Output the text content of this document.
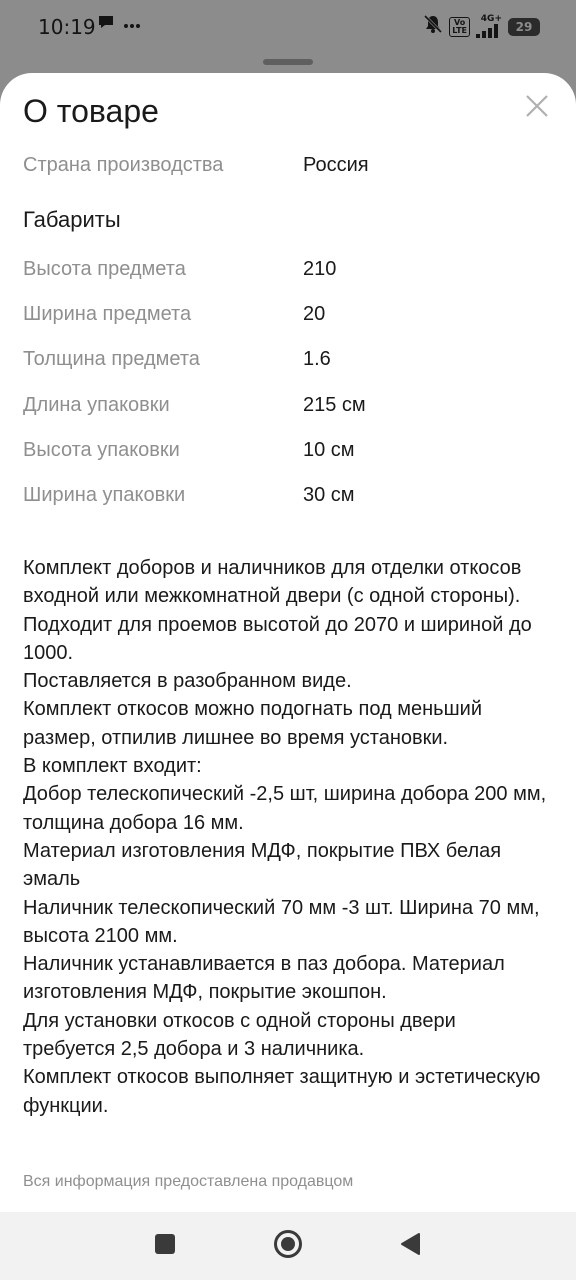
10:19	Vo
LTE
4G+
29
О товаре
Страна производства	Россия
Габариты
Высота предмета	210
Ширина предмета	20
Толщина предмета	1.6
Длина упаковки	215 см
Высота упаковки	10 см
Ширина упаковки	30 см

Комплект доборов и наличников для отделки откосов входной или межкомнатной двери (с одной стороны).

Подходит для проемов высотой до 2070 и шириной до 1000.

Поставляется в разобранном виде.

Комплект откосов можно подогнать под меньший размер, отпилив лишнее во время установки.

В комплект входит:

Добор телескопический -2,5 шт, ширина добора 200 мм, толщина добора 16 мм.

Материал изготовления МДФ, покрытие ПВХ белая эмаль

Наличник телескопический 70 мм -3 шт. Ширина 70 мм, высота 2100 мм.

Наличник устанавливается в паз добора. Материал изготовления МДФ, покрытие экошпон.

Для установки откосов с одной стороны двери требуется 2,5 добора и 3 наличника.

Комплект откосов выполняет защитную и эстетическую функции.

Вся информация предоставлена продавцом
